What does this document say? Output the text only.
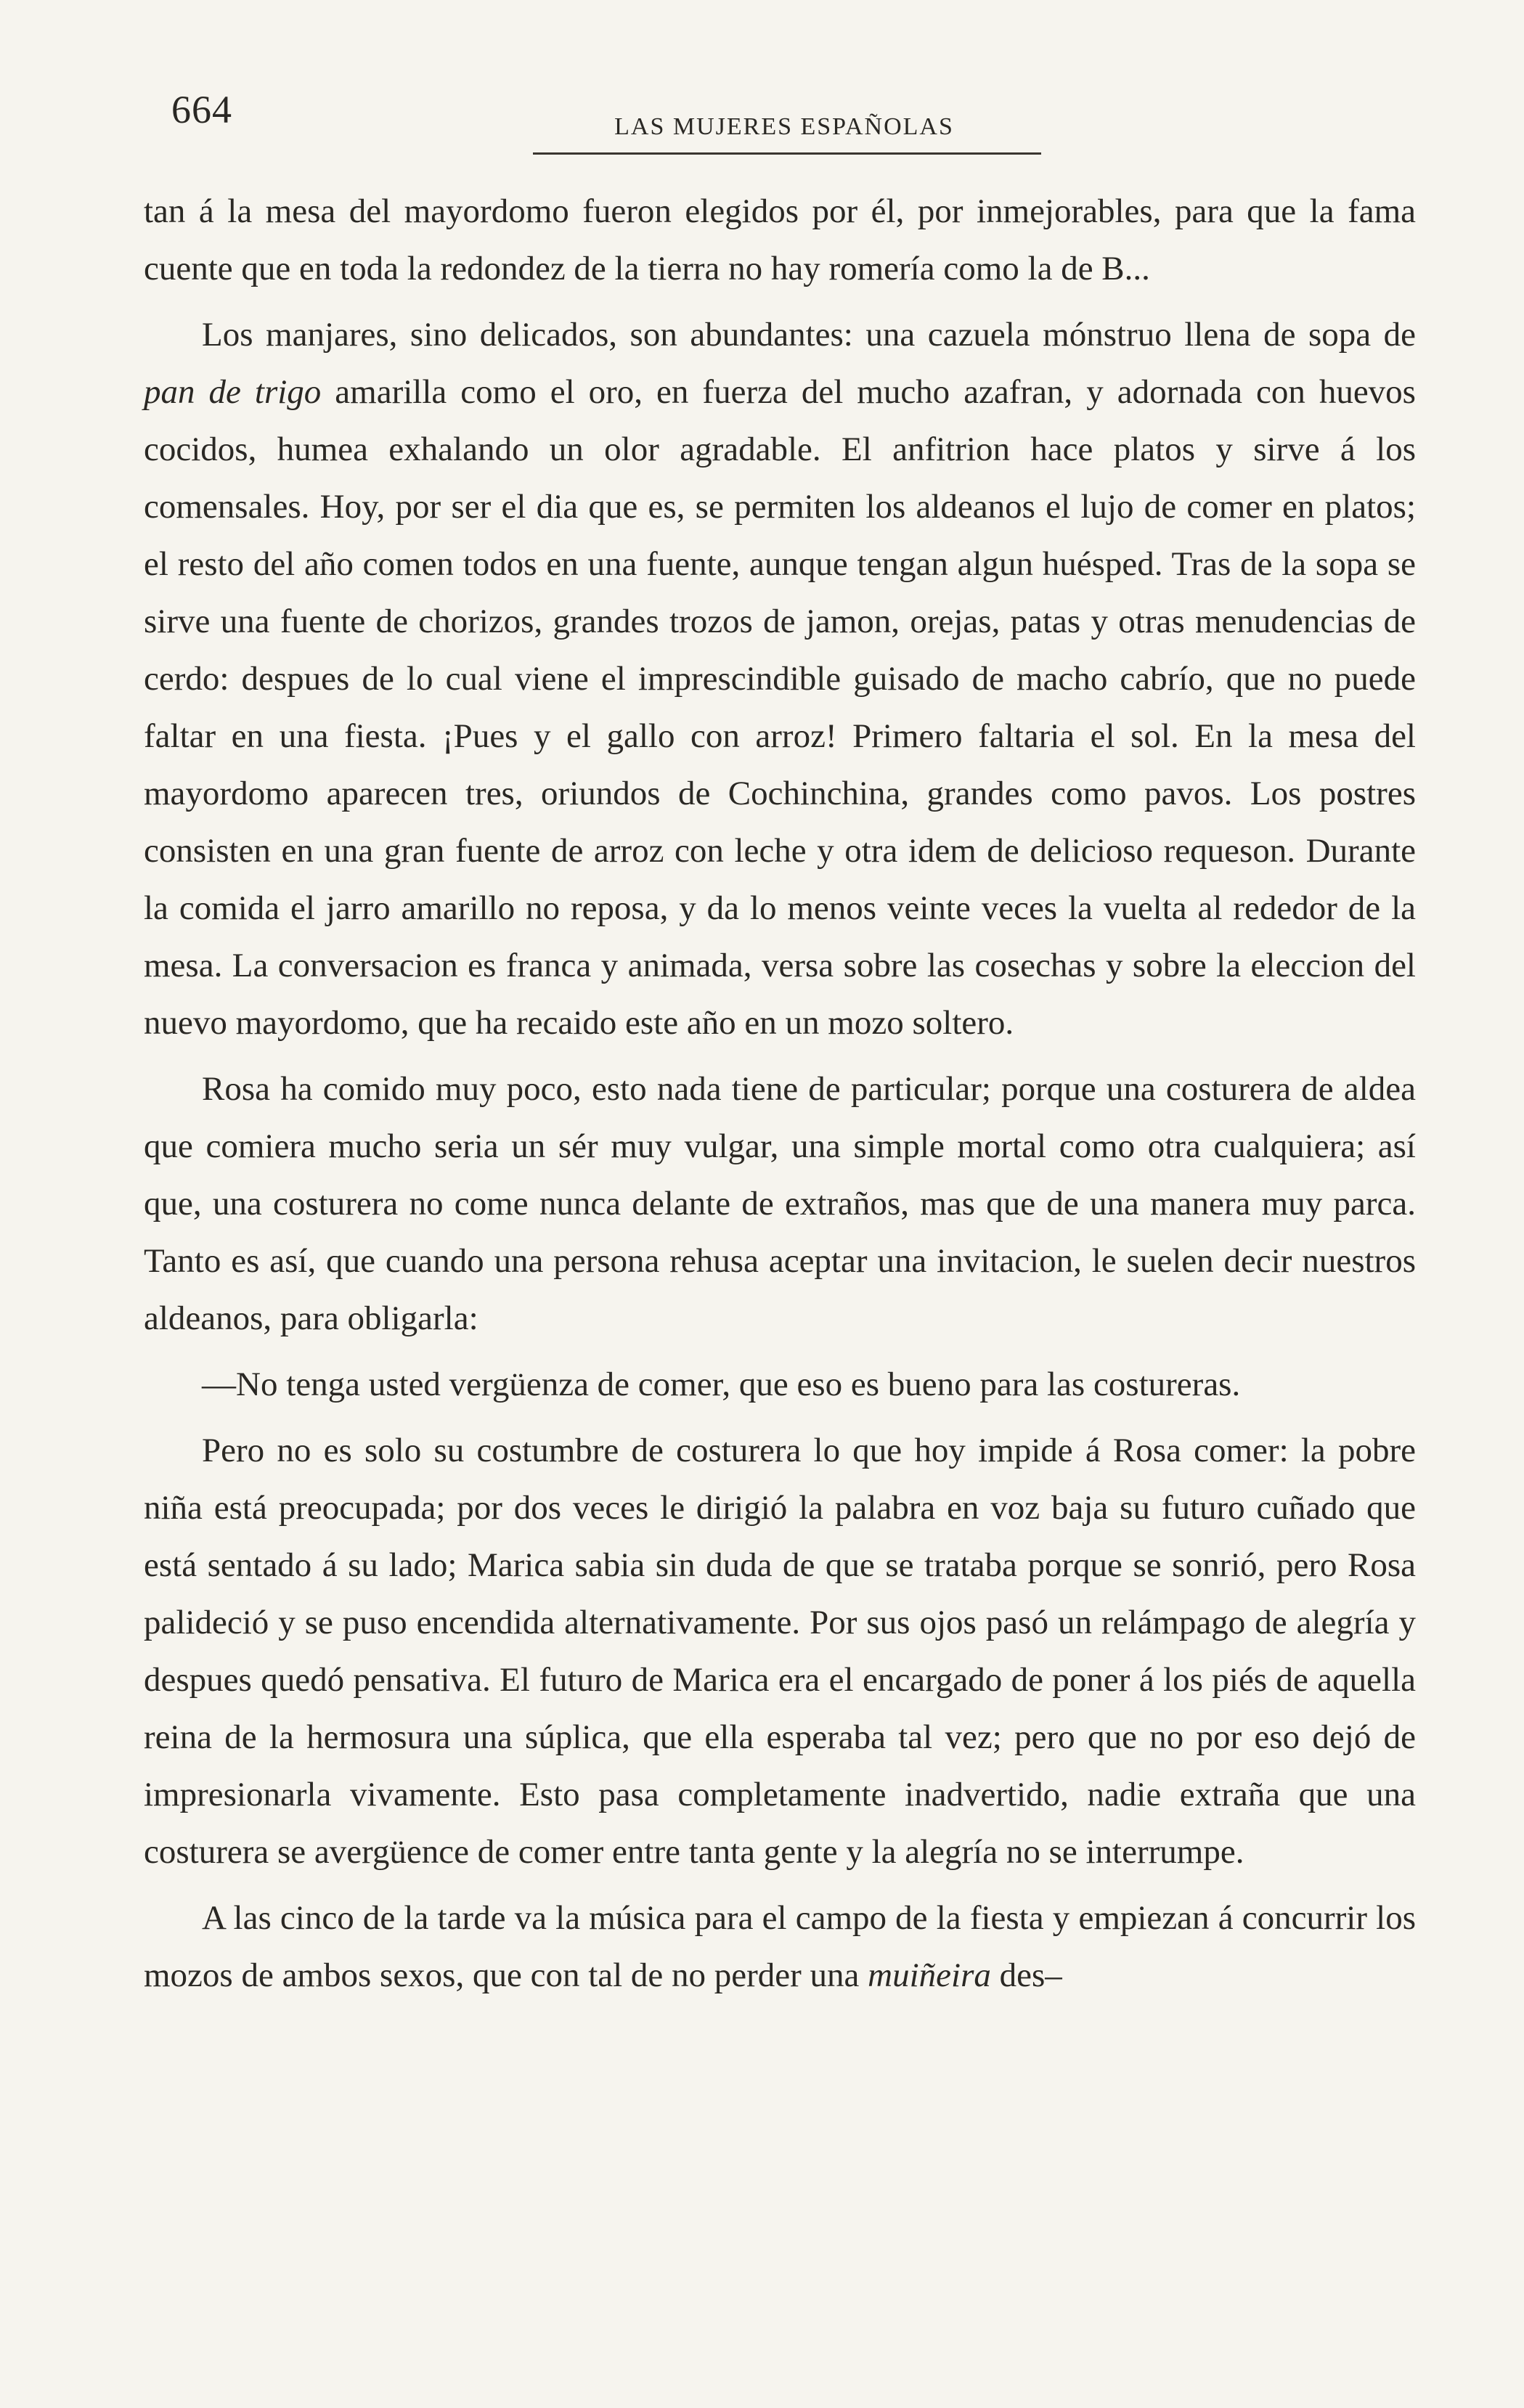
664	LAS MUJERES ESPAÑOLAS

tan á la mesa del mayordomo fueron elegidos por él, por inmejorables, para que la fama cuente que en toda la redondez de la tierra no hay romería como la de B...

Los manjares, sino delicados, son abundantes: una cazuela mónstruo llena de sopa de pan de trigo amarilla como el oro, en fuerza del mucho azafran, y adornada con huevos cocidos, humea exhalando un olor agradable. El anfitrion hace platos y sirve á los comensales. Hoy, por ser el dia que es, se permiten los aldeanos el lujo de comer en platos; el resto del año comen todos en una fuente, aunque tengan algun huésped. Tras de la sopa se sirve una fuente de chorizos, grandes trozos de jamon, orejas, patas y otras menudencias de cerdo: despues de lo cual viene el imprescindible guisado de macho cabrío, que no puede faltar en una fiesta. ¡Pues y el gallo con arroz! Primero faltaria el sol. En la mesa del mayordomo aparecen tres, oriundos de Cochinchina, grandes como pavos. Los postres consisten en una gran fuente de arroz con leche y otra idem de delicioso requeson. Durante la comida el jarro amarillo no reposa, y da lo menos veinte veces la vuelta al rededor de la mesa. La conversacion es franca y animada, versa sobre las cosechas y sobre la eleccion del nuevo mayordomo, que ha recaido este año en un mozo soltero.

Rosa ha comido muy poco, esto nada tiene de particular; porque una costurera de aldea que comiera mucho seria un sér muy vulgar, una simple mortal como otra cualquiera; así que, una costurera no come nunca delante de extraños, mas que de una manera muy parca. Tanto es así, que cuando una persona rehusa aceptar una invitacion, le suelen decir nuestros aldeanos, para obligarla:

—No tenga usted vergüenza de comer, que eso es bueno para las costureras.

Pero no es solo su costumbre de costurera lo que hoy impide á Rosa comer: la pobre niña está preocupada; por dos veces le dirigió la palabra en voz baja su futuro cuñado que está sentado á su lado; Marica sabia sin duda de que se trataba porque se sonrió, pero Rosa palideció y se puso encendida alternativamente. Por sus ojos pasó un relámpago de alegría y despues quedó pensativa. El futuro de Marica era el encargado de poner á los piés de aquella reina de la hermosura una súplica, que ella esperaba tal vez; pero que no por eso dejó de impresionarla vivamente. Esto pasa completamente inadvertido, nadie extraña que una costurera se avergüence de comer entre tanta gente y la alegría no se interrumpe.

A las cinco de la tarde va la música para el campo de la fiesta y empiezan á concurrir los mozos de ambos sexos, que con tal de no perder una muiñeira des–
